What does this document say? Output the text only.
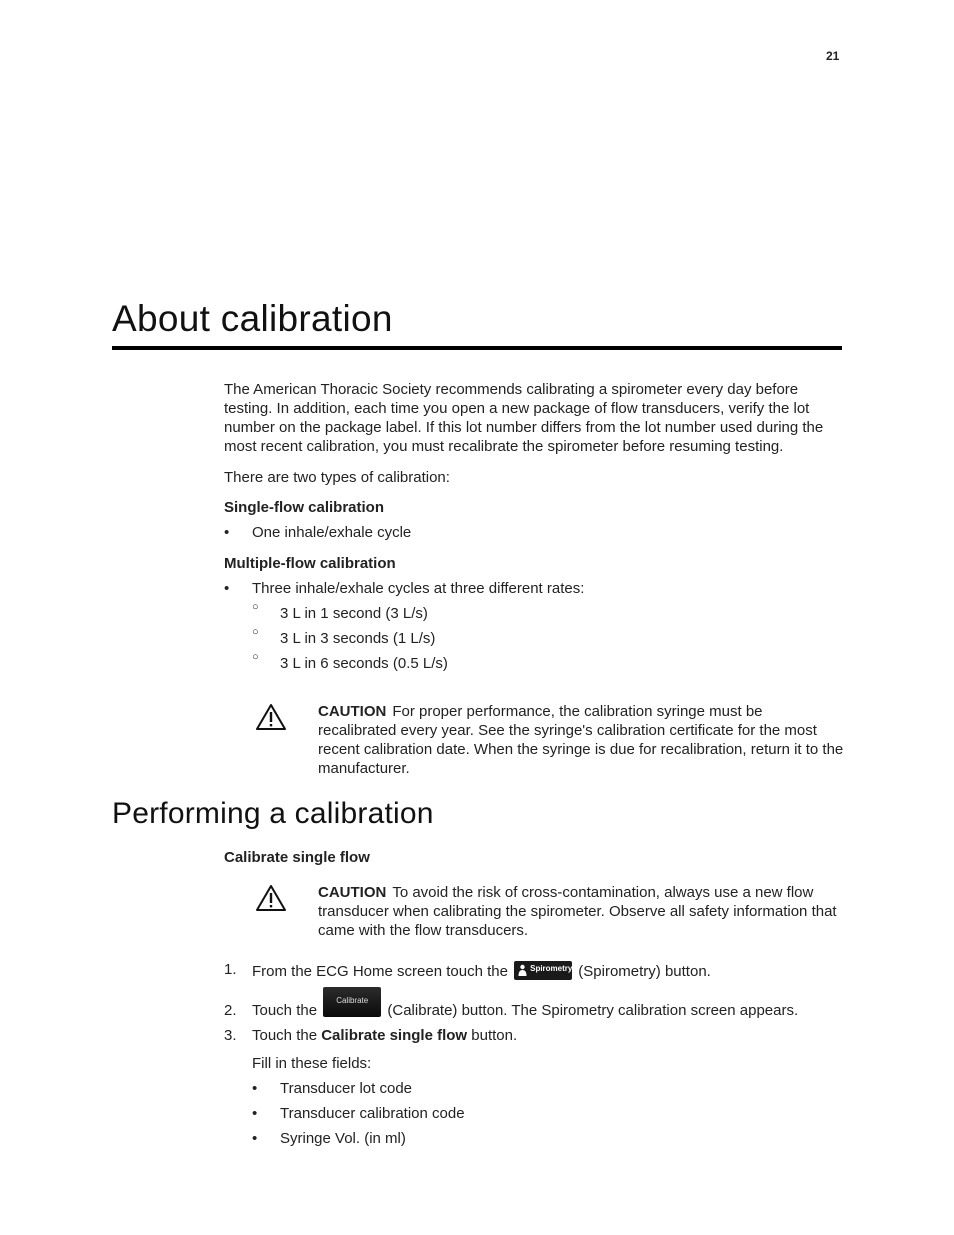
21
About calibration

The American Thoracic Society recommends calibrating a spirometer every day before testing. In addition, each time you open a new package of flow transducers, verify the lot number on the package label. If this lot number differs from the lot number used during the most recent calibration, you must recalibrate the spirometer before resuming testing.

There are two types of calibration:

Single-flow calibration
• One inhale/exhale cycle
Multiple-flow calibration
• Three inhale/exhale cycles at three different rates:
○ 3 L in 1 second (3 L/s)
○ 3 L in 3 seconds (1 L/s)
○ 3 L in 6 seconds (0.5 L/s)

CAUTION For proper performance, the calibration syringe must be recalibrated every year. See the syringe's calibration certificate for the most recent calibration date. When the syringe is due for recalibration, return it to the manufacturer.

Performing a calibration
Calibrate single flow

CAUTION To avoid the risk of cross-contamination, always use a new flow transducer when calibrating the spirometer. Observe all safety information that came with the flow transducers.

1. From the ECG Home screen touch the	Spirometry (Spirometry) button.
2. Touch the
Calibrate
(Calibrate) button. The Spirometry calibration screen appears.
3. Touch the Calibrate single flow button.
Fill in these fields:
• Transducer lot code
• Transducer calibration code
• Syringe Vol. (in ml)
